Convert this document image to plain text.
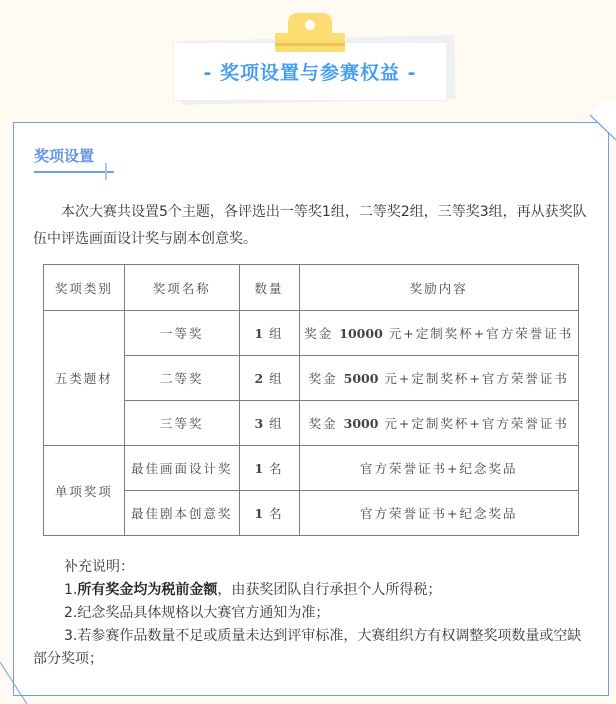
- 奖项设置与参赛权益 -
奖项设置

本次大赛共设置5个主题，各评选出一等奖1组，二等奖2组，三等奖3组，再从获奖队伍中评选画面设计奖与剧本创意奖。

奖项类别	奖项名称	数量	奖励内容
五类题材	一等奖	1 组	奖金 10000 元+定制奖杯+官方荣誉证书
	二等奖	2 组	奖金 5000 元+定制奖杯+官方荣誉证书
	三等奖	3 组	奖金 3000 元+定制奖杯+官方荣誉证书
单项奖项	最佳画面设计奖	1 名	官方荣誉证书+纪念奖品
	最佳剧本创意奖	1 名	官方荣誉证书+纪念奖品

补充说明：

1.所有奖金均为税前金额，由获奖团队自行承担个人所得税；

2.纪念奖品具体规格以大赛官方通知为准；

3.若参赛作品数量不足或质量未达到评审标准，大赛组织方有权调整奖项数量或空缺部分奖项；
